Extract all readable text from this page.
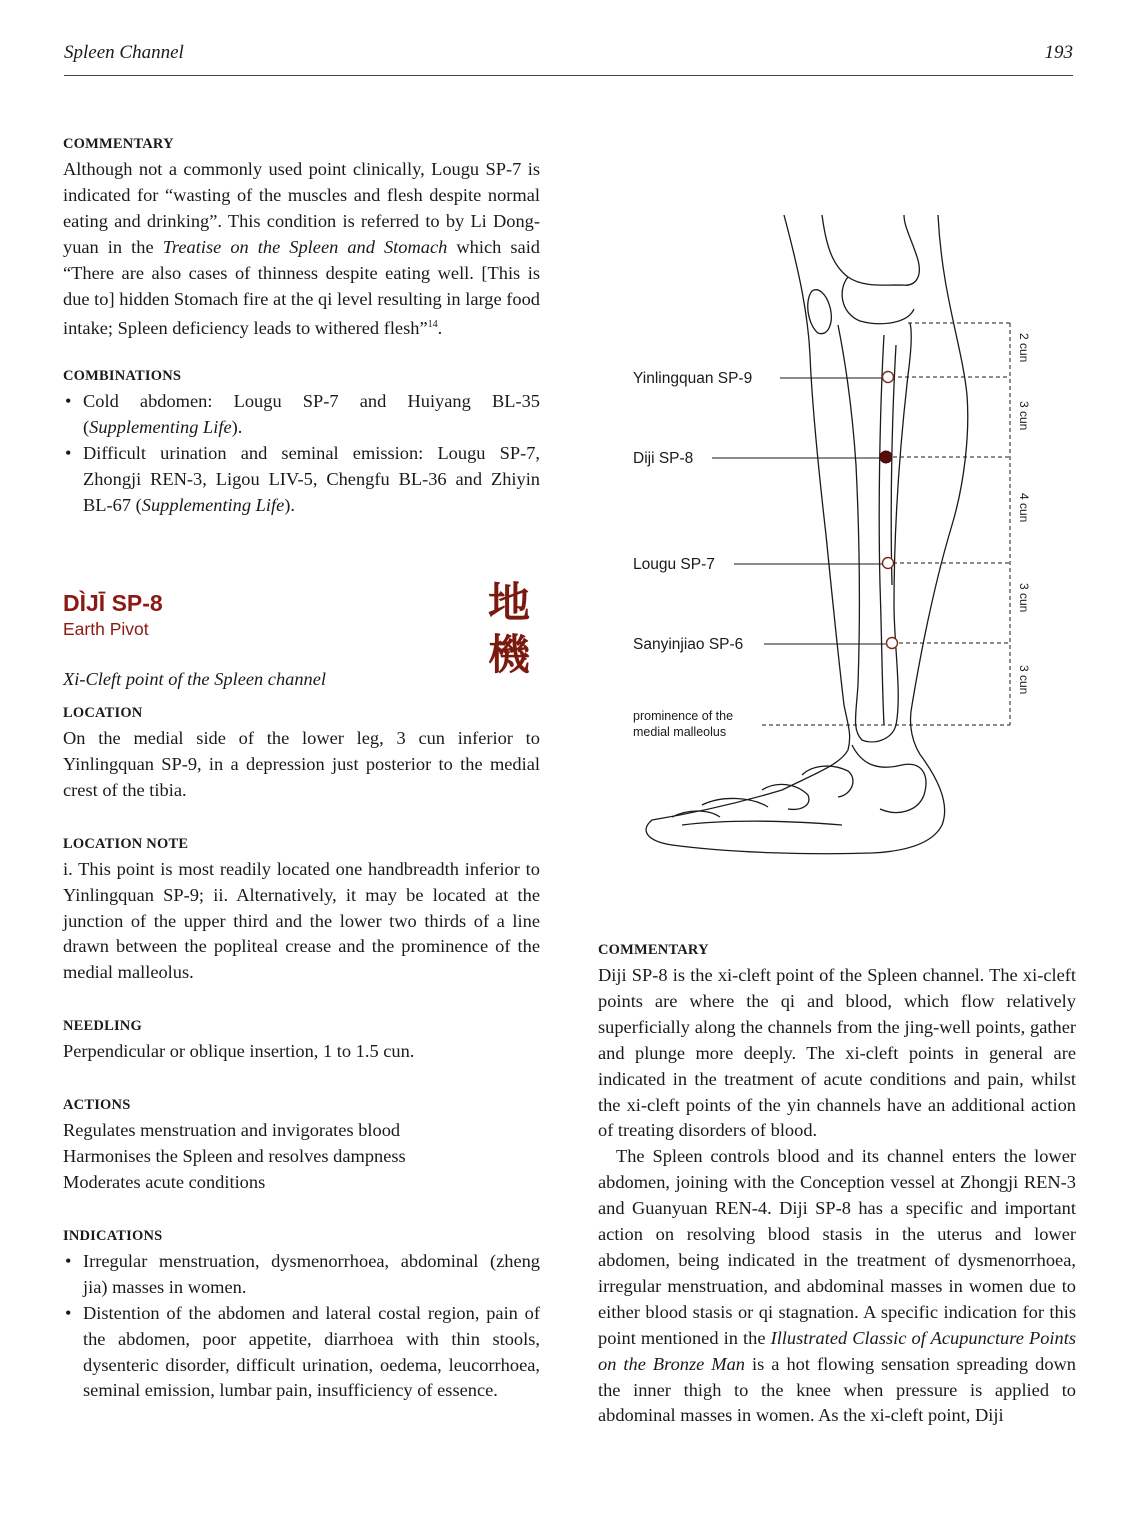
Spleen Channel	193
COMMENTARY

Although not a commonly used point clinically, Lougu SP-7 is indicated for “wasting of the muscles and flesh despite normal eating and drinking”. This condition is referred to by Li Dong-yuan in the Treatise on the Spleen and Stomach which said “There are also cases of thinness despite eating well. [This is due to] hidden Stomach fire at the qi level resulting in large food intake; Spleen deficiency leads to withered flesh”$^{14}$.

COMBINATIONS
• Cold abdomen: Lougu SP-7 and Huiyang BL-35 (Supplementing Life).
• Difficult urination and seminal emission: Lougu SP-7, Zhongji REN-3, Ligou LIV-5, Chengfu BL-36 and Zhiyin BL-67 (Supplementing Life).
DÌJĪ SP-8
Earth Pivot
Xi-Cleft point of the Spleen channel
地
機
LOCATION

On the medial side of the lower leg, 3 cun inferior to Yinlingquan SP-9, in a depression just posterior to the medial crest of the tibia.

LOCATION NOTE

i. This point is most readily located one handbreadth inferior to Yinlingquan SP-9; ii. Alternatively, it may be located at the junction of the upper third and the lower two thirds of a line drawn between the popliteal crease and the prominence of the medial malleolus.

NEEDLING

Perpendicular or oblique insertion, 1 to 1.5 cun.

ACTIONS
Regulates menstruation and invigorates blood
Harmonises the Spleen and resolves dampness
Moderates acute conditions
INDICATIONS
• Irregular menstruation, dysmenorrhoea, abdominal (zheng jia) masses in women.
• Distention of the abdomen and lateral costal region, pain of the abdomen, poor appetite, diarrhoea with thin stools, dysenteric disorder, difficult urination, oedema, leucorrhoea, seminal emission, lumbar pain, insufficiency of essence.
Yinlingquan SP-9
Diji SP-8
Lougu SP-7
Sanyinjiao SP-6
prominence of the
medial malleolus
2 cun
3 cun
4 cun
3 cun
3 cun
COMMENTARY

Diji SP-8 is the xi-cleft point of the Spleen channel. The xi-cleft points are where the qi and blood, which flow relatively superficially along the channels from the jing-well points, gather and plunge more deeply. The xi-cleft points in general are indicated in the treatment of acute conditions and pain, whilst the xi-cleft points of the yin channels have an additional action of treating disorders of blood.

The Spleen controls blood and its channel enters the lower abdomen, joining with the Conception vessel at Zhongji REN-3 and Guanyuan REN-4. Diji SP-8 has a specific and important action on resolving blood stasis in the uterus and lower abdomen, being indicated in the treatment of dysmenorrhoea, irregular menstruation, and abdominal masses in women due to either blood stasis or qi stagnation. A specific indication for this point mentioned in the Illustrated Classic of Acupuncture Points on the Bronze Man is a hot flowing sensation spreading down the inner thigh to the knee when pressure is applied to abdominal masses in women. As the xi-cleft point, Diji
